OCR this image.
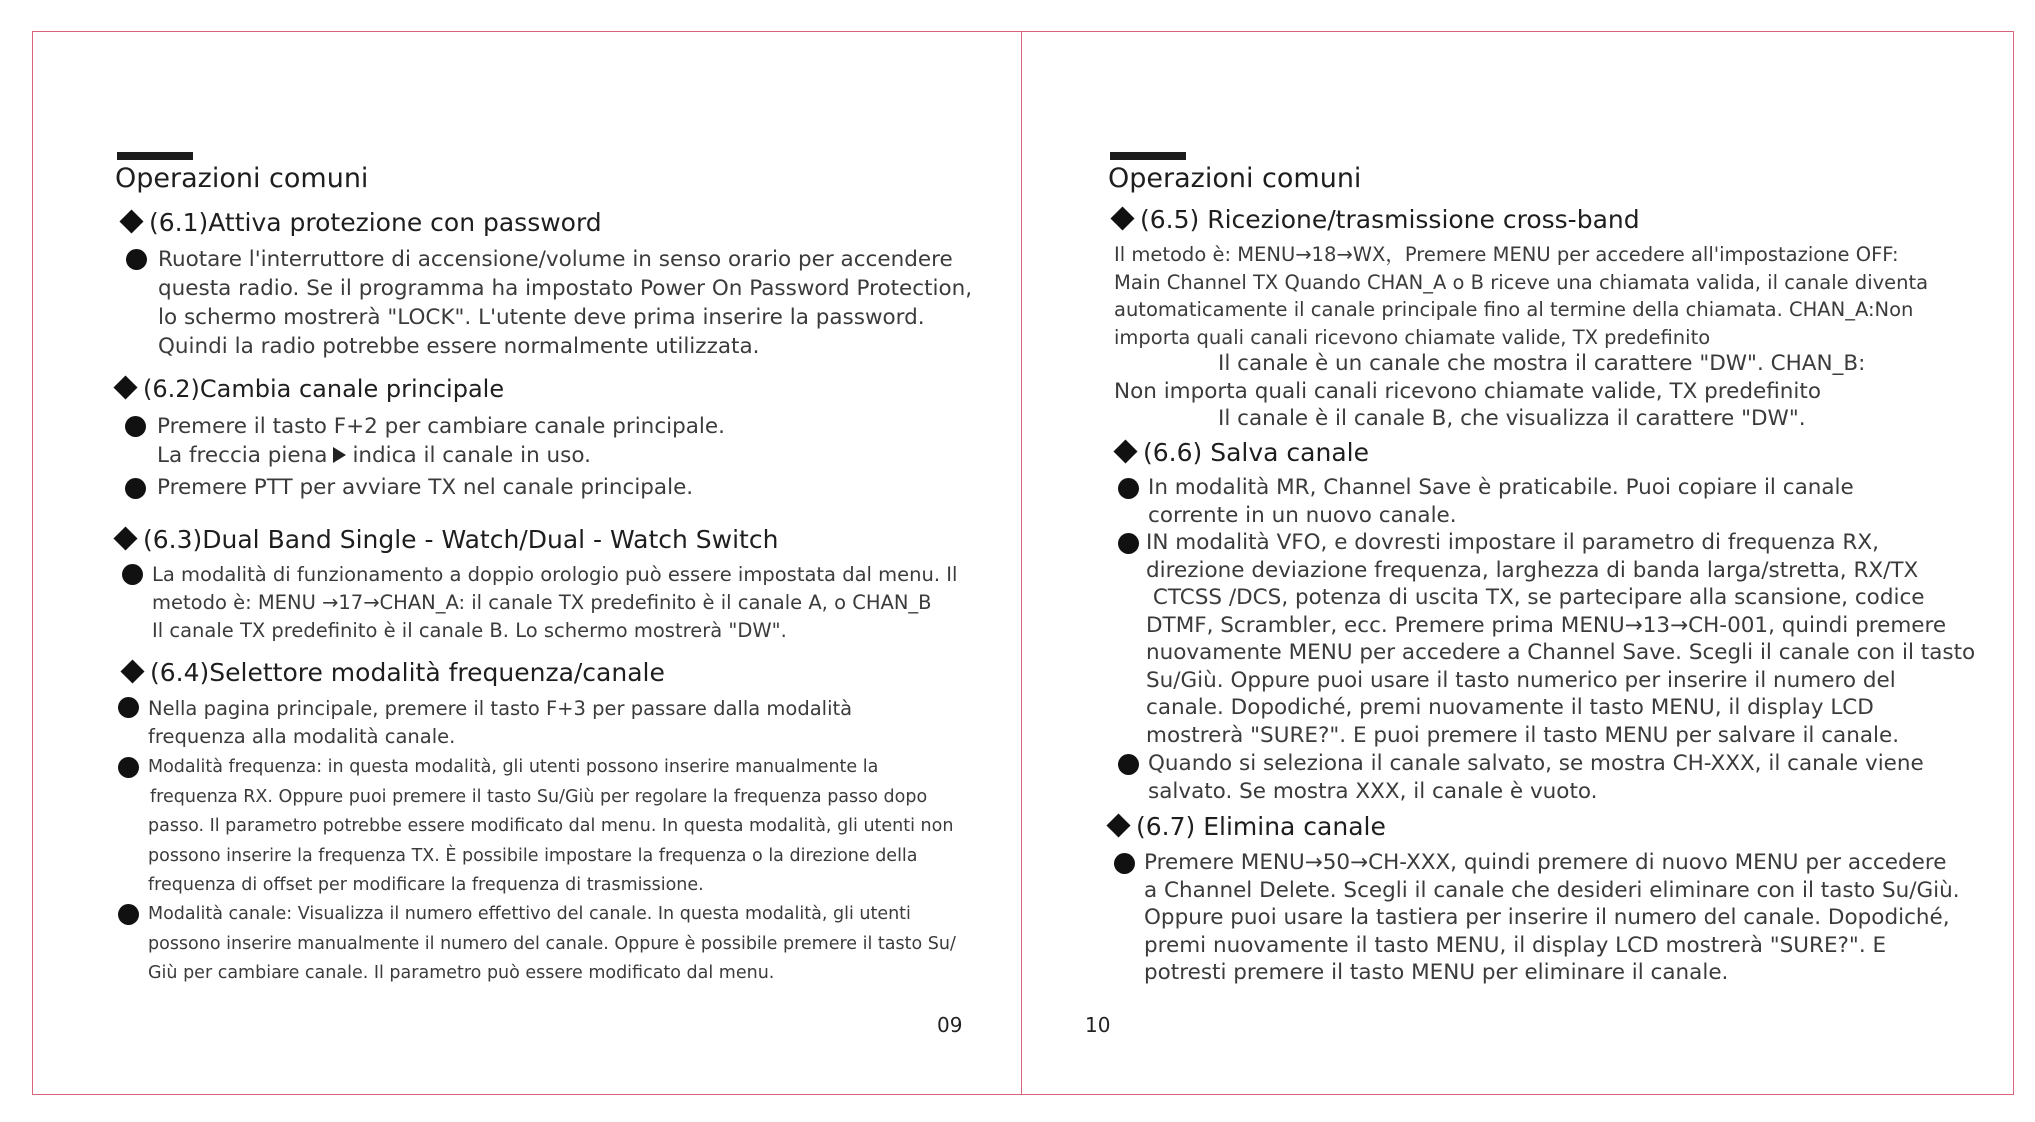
Operazioni comuni
(6.1)Attiva protezione con password
Ruotare l'interruttore di accensione/volume in senso orario per accendere
questa radio. Se il programma ha impostato Power On Password Protection,
lo schermo mostrerà "LOCK". L'utente deve prima inserire la password.
Quindi la radio potrebbe essere normalmente utilizzata.
(6.2)Cambia canale principale
Premere il tasto F+2 per cambiare canale principale.
La freccia piena indica il canale in uso.
Premere PTT per avviare TX nel canale principale.
(6.3)Dual Band Single - Watch/Dual - Watch Switch
La modalità di funzionamento a doppio orologio può essere impostata dal menu. Il
metodo è: MENU →17→CHAN_A: il canale TX predefinito è il canale A, o CHAN_B
Il canale TX predefinito è il canale B. Lo schermo mostrerà "DW".
(6.4)Selettore modalità frequenza/canale
Nella pagina principale, premere il tasto F+3 per passare dalla modalità
frequenza alla modalità canale.
Modalità frequenza: in questa modalità, gli utenti possono inserire manualmente la
frequenza RX. Oppure puoi premere il tasto Su/Giù per regolare la frequenza passo dopo
passo. Il parametro potrebbe essere modificato dal menu. In questa modalità, gli utenti non
possono inserire la frequenza TX. È possibile impostare la frequenza o la direzione della
frequenza di offset per modificare la frequenza di trasmissione.
Modalità canale: Visualizza il numero effettivo del canale. In questa modalità, gli utenti
possono inserire manualmente il numero del canale. Oppure è possibile premere il tasto Su/
Giù per cambiare canale. Il parametro può essere modificato dal menu.
09
Operazioni comuni
(6.5) Ricezione/trasmissione cross-band
Il metodo è: MENU→18→WX，Premere MENU per accedere all'impostazione OFF:
Main Channel TX Quando CHAN_A o B riceve una chiamata valida, il canale diventa
automaticamente il canale principale fino al termine della chiamata. CHAN_A:Non
importa quali canali ricevono chiamate valide, TX predefinito
Il canale è un canale che mostra il carattere "DW". CHAN_B:
Non importa quali canali ricevono chiamate valide, TX predefinito
Il canale è il canale B, che visualizza il carattere "DW".
(6.6) Salva canale
In modalità MR, Channel Save è praticabile. Puoi copiare il canale
corrente in un nuovo canale.
IN modalità VFO, e dovresti impostare il parametro di frequenza RX,
direzione deviazione frequenza, larghezza di banda larga/stretta, RX/TX
CTCSS /DCS, potenza di uscita TX, se partecipare alla scansione, codice
DTMF, Scrambler, ecc. Premere prima MENU→13→CH-001, quindi premere
nuovamente MENU per accedere a Channel Save. Scegli il canale con il tasto
Su/Giù. Oppure puoi usare il tasto numerico per inserire il numero del
canale. Dopodiché, premi nuovamente il tasto MENU, il display LCD
mostrerà "SURE?". E puoi premere il tasto MENU per salvare il canale.
Quando si seleziona il canale salvato, se mostra CH-XXX, il canale viene
salvato. Se mostra XXX, il canale è vuoto.
(6.7) Elimina canale
Premere MENU→50→CH-XXX, quindi premere di nuovo MENU per accedere
a Channel Delete. Scegli il canale che desideri eliminare con il tasto Su/Giù.
Oppure puoi usare la tastiera per inserire il numero del canale. Dopodiché,
premi nuovamente il tasto MENU, il display LCD mostrerà "SURE?". E
potresti premere il tasto MENU per eliminare il canale.
10
